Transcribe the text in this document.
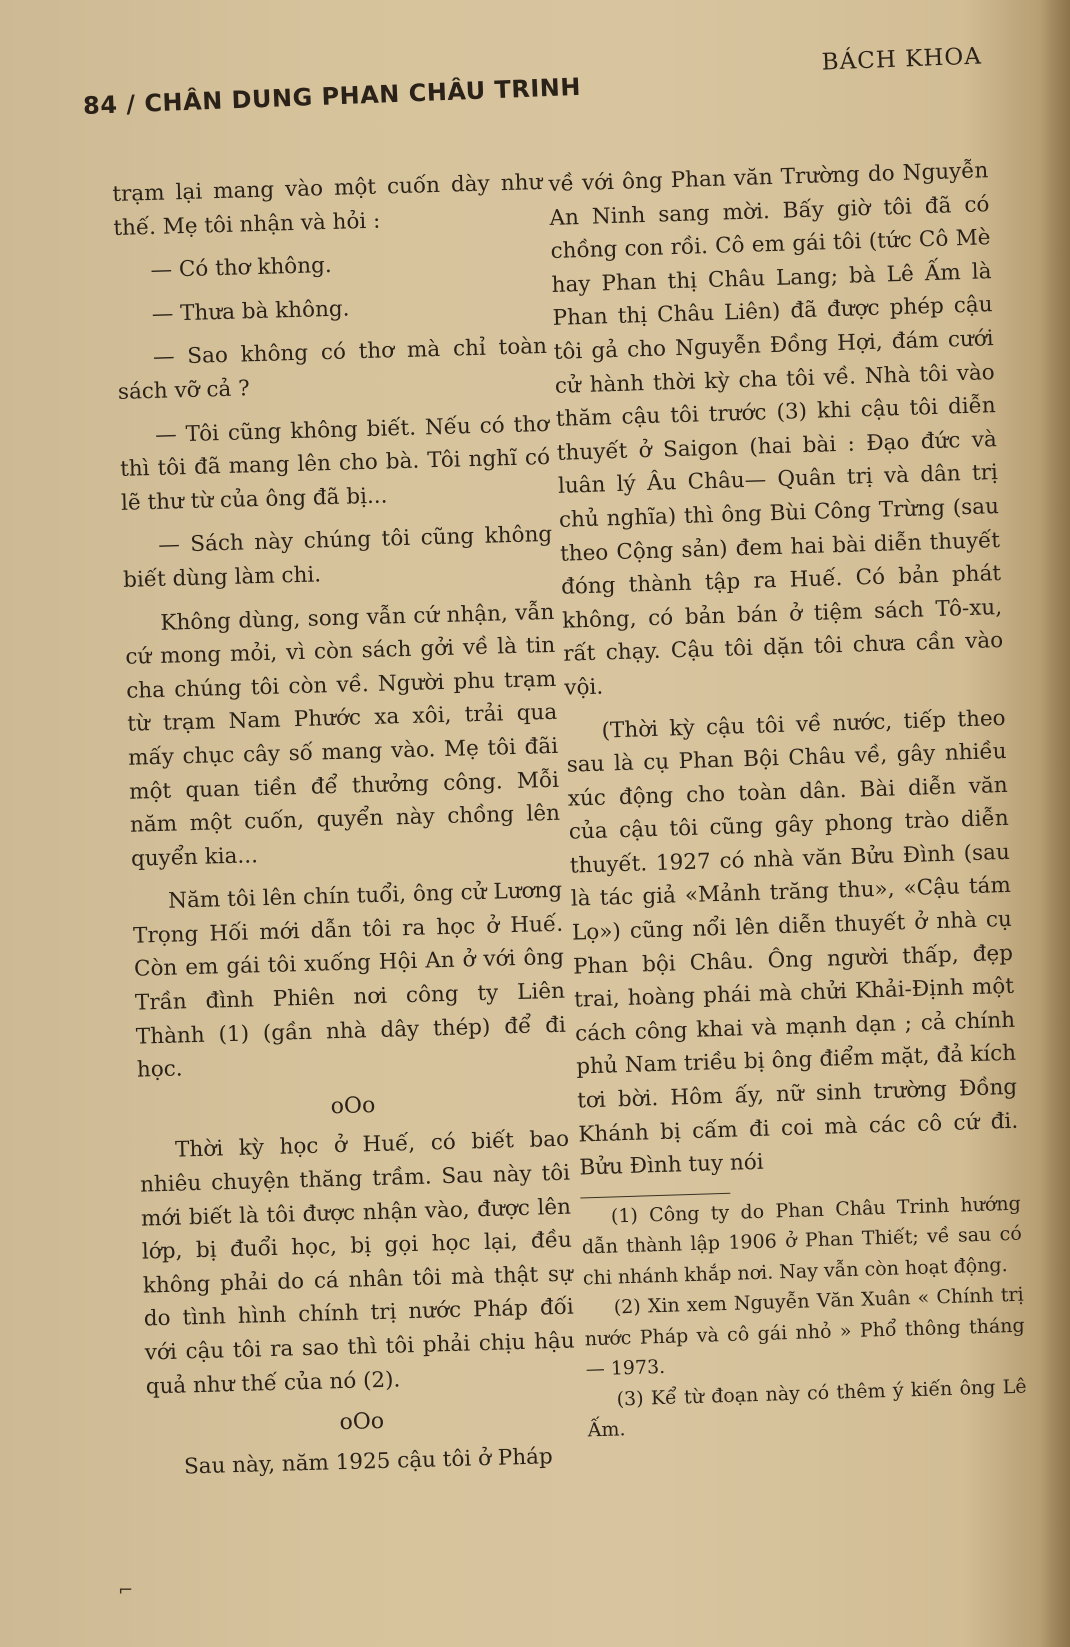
84 / CHÂN DUNG PHAN CHÂU TRINH
BÁCH KHOA

trạm lại mang vào một cuốn dày như thế. Mẹ tôi nhận và hỏi :

— Có thơ không.

— Thưa bà không.

— Sao không có thơ mà chỉ toàn sách vỡ cả ?

— Tôi cũng không biết. Nếu có thơ thì tôi đã mang lên cho bà. Tôi nghĩ có lẽ thư từ của ông đã bị...

— Sách này chúng tôi cũng không biết dùng làm chi.

Không dùng, song vẫn cứ nhận, vẫn cứ mong mỏi, vì còn sách gởi về là tin cha chúng tôi còn về. Người phu trạm từ trạm Nam Phước xa xôi, trải qua mấy chục cây số mang vào. Mẹ tôi đãi một quan tiền để thưởng công. Mỗi năm một cuốn, quyển này chồng lên quyển kia...

Năm tôi lên chín tuổi, ông cử Lương Trọng Hối mới dẫn tôi ra học ở Huế. Còn em gái tôi xuống Hội An ở với ông Trần đình Phiên nơi công ty Liên Thành (1) (gần nhà dây thép) để đi học.

oOo

Thời kỳ học ở Huế, có biết bao nhiêu chuyện thăng trầm. Sau này tôi mới biết là tôi được nhận vào, được lên lớp, bị đuổi học, bị gọi học lại, đều không phải do cá nhân tôi mà thật sự do tình hình chính trị nước Pháp đối với cậu tôi ra sao thì tôi phải chịu hậu quả như thế của nó (2).

oOo

Sau này, năm 1925 cậu tôi ở Pháp

về với ông Phan văn Trường do Nguyễn An Ninh sang mời. Bấy giờ tôi đã có chồng con rồi. Cô em gái tôi (tức Cô Mè hay Phan thị Châu Lang; bà Lê Ấm là Phan thị Châu Liên) đã được phép cậu tôi gả cho Nguyễn Đồng Hợi, đám cưới cử hành thời kỳ cha tôi về. Nhà tôi vào thăm cậu tôi trước (3) khi cậu tôi diễn thuyết ở Saigon (hai bài : Đạo đức và luân lý Âu Châu— Quân trị và dân trị chủ nghĩa) thì ông Bùi Công Trừng (sau theo Cộng sản) đem hai bài diễn thuyết đóng thành tập ra Huế. Có bản phát không, có bản bán ở tiệm sách Tô-xu, rất chạy. Cậu tôi dặn tôi chưa cần vào vội.

(Thời kỳ cậu tôi về nước, tiếp theo sau là cụ Phan Bội Châu về, gây nhiều xúc động cho toàn dân. Bài diễn văn của cậu tôi cũng gây phong trào diễn thuyết. 1927 có nhà văn Bửu Đình (sau là tác giả «Mảnh trăng thu», «Cậu tám Lọ») cũng nổi lên diễn thuyết ở nhà cụ Phan bội Châu. Ông người thấp, đẹp trai, hoàng phái mà chửi Khải-Định một cách công khai và mạnh dạn ; cả chính phủ Nam triều bị ông điểm mặt, đả kích tơi bời. Hôm ấy, nữ sinh trường Đồng Khánh bị cấm đi coi mà các cô cứ đi. Bửu Đình tuy nói

(1) Công ty do Phan Châu Trinh hướng dẫn thành lập 1906 ở Phan Thiết; về sau có chi nhánh khắp nơi. Nay vẫn còn hoạt động.

(2) Xin xem Nguyễn Văn Xuân « Chính trị nước Pháp và cô gái nhỏ » Phổ thông tháng — 1973.

(3) Kể từ đoạn này có thêm ý kiến ông Lê Ấm.

⌐
